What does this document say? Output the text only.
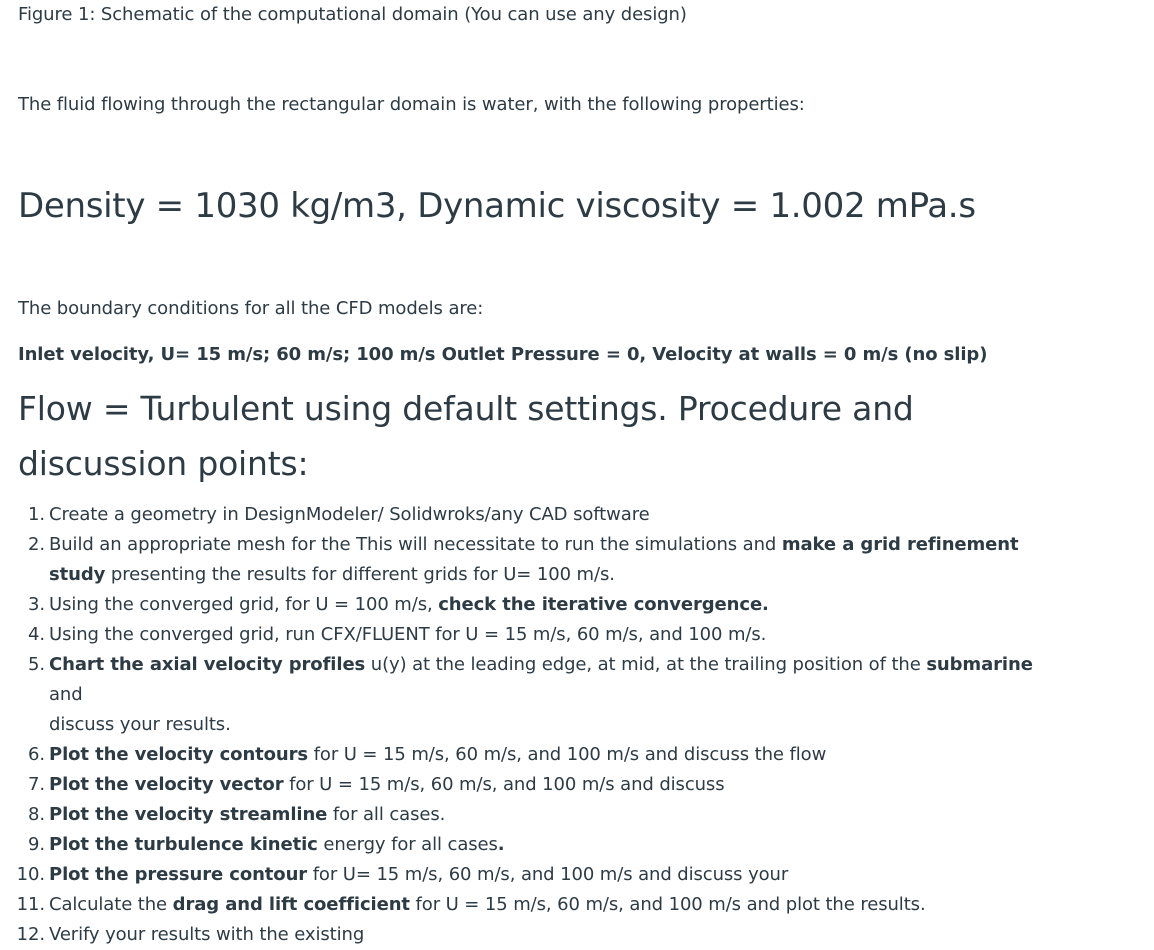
Figure 1: Schematic of the computational domain (You can use any design)
The fluid flowing through the rectangular domain is water, with the following properties:
Density = 1030 kg/m3, Dynamic viscosity = 1.002 mPa.s
The boundary conditions for all the CFD models are:
Inlet velocity, U= 15 m/s; 60 m/s; 100 m/s Outlet Pressure = 0, Velocity at walls = 0 m/s (no slip)
Flow = Turbulent using default settings. Procedure and
discussion points:
1. Create a geometry in DesignModeler/ Solidwroks/any CAD software
2. Build an appropriate mesh for the This will necessitate to run the simulations and make a grid refinement
study presenting the results for different grids for U= 100 m/s.
3. Using the converged grid, for U = 100 m/s, check the iterative convergence.
4. Using the converged grid, run CFX/FLUENT for U = 15 m/s, 60 m/s, and 100 m/s.
5. Chart the axial velocity profiles u(y) at the leading edge, at mid, at the trailing position of the submarine and
discuss your results.
6. Plot the velocity contours for U = 15 m/s, 60 m/s, and 100 m/s and discuss the flow
7. Plot the velocity vector for U = 15 m/s, 60 m/s, and 100 m/s and discuss
8. Plot the velocity streamline for all cases.
9. Plot the turbulence kinetic energy for all cases.
10. Plot the pressure contour for U= 15 m/s, 60 m/s, and 100 m/s and discuss your
11. Calculate the drag and lift coefficient for U = 15 m/s, 60 m/s, and 100 m/s and plot the results.
12. Verify your results with the existing
